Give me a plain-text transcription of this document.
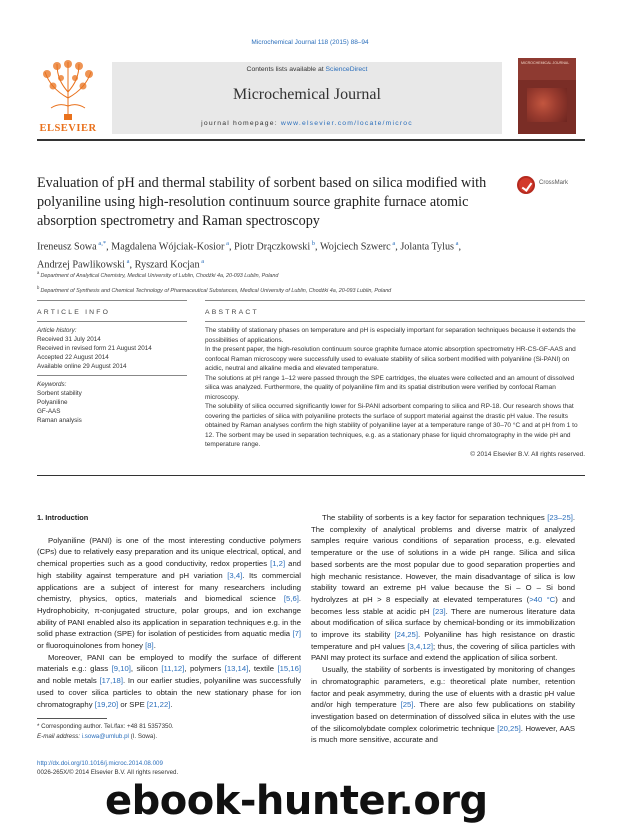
Microchemical Journal 118 (2015) 88–94
ELSEVIER
Contents lists available at ScienceDirect
Microchemical Journal
journal homepage: www.elsevier.com/locate/microc
MICROCHEMICAL JOURNAL
Evaluation of pH and thermal stability of sorbent based on silica modified with polyaniline using high-resolution continuum source graphite furnace atomic absorption spectrometry and Raman spectroscopy
CrossMark
Ireneusz Sowa $^{a,*}$, Magdalena Wójciak-Kosior $^a$, Piotr Drączkowski $^b$, Wojciech Szwerc $^a$, Jolanta Tylus $^a$,
Andrzej Pawlikowski $^a$, Ryszard Kocjan $^a$
$^a$ Department of Analytical Chemistry, Medical University of Lublin, Chodźki 4a, 20-093 Lublin, Poland
$^b$ Department of Synthesis and Chemical Technology of Pharmaceutical Substances, Medical University of Lublin, Chodźki 4a, 20-093 Lublin, Poland
ARTICLE INFO	ABSTRACT
Article history:
Received 31 July 2014
Received in revised form 21 August 2014
Accepted 22 August 2014
Available online 29 August 2014
Keywords:
Sorbent stability
Polyaniline
GF-AAS
Raman analysis

The stability of stationary phases on temperature and pH is especially important for separation techniques because it extends the possibilities of applications.

In the present paper, the high-resolution continuum source graphite furnace atomic absorption spectrometry HR-CS-GF-AAS and confocal Raman microscopy were successfully used to evaluate stability of silica sorbent modified with polyaniline (Si-PANI) on acidic, neutral and alkaline media and elevated temperature.

The solutions at pH range 1–12 were passed through the SPE cartridges, the eluates were collected and an amount of dissolved silica was analyzed. Furthermore, the quality of polyaniline film and its spatial distribution were verified by confocal Raman microscopy.

The solubility of silica occurred significantly lower for Si-PANI adsorbent comparing to silica and RP-18. Our research shows that covering the particles of silica with polyaniline protects the surface of support material against the drastic pH value. The results obtained by Raman analyses confirm the high stability of polyaniline layer at a temperature range of 30–70 °C and at pH from 1 to 12. The sorbent may be used in separation techniques, e.g. as a stationary phase for liquid chromatography in the wide pH and temperature range.

© 2014 Elsevier B.V. All rights reserved.

1. Introduction

Polyaniline (PANI) is one of the most interesting conductive polymers (CPs) due to relatively easy preparation and its unique electrical, optical, and chemical properties such as a good conductivity, redox properties [1,2] and high stability against temperature and pH variation [3,4]. Its commercial applications are a subject of interest for many researchers including chemistry, physics, optics, materials and biomedical science [5,6]. Hydrophobicity, π-conjugated structure, polar groups, and ion exchange ability of PANI enabled also its application in separation techniques e.g. in the solid phase extraction (SPE) for isolation of pesticides from aquatic media [7] or fluoroquinolones from honey [8].

Moreover, PANI can be employed to modify the surface of different materials e.g.: glass [9,10], silicon [11,12], polymers [13,14], textile [15,16] and noble metals [17,18]. In our earlier studies, polyaniline was successfully used to cover silica particles to obtain the new stationary phase for ion chromatography [19,20] or SPE [21,22].

The stability of sorbents is a key factor for separation techniques [23–25]. The complexity of analytical problems and diverse matrix of analyzed samples require various conditions of separation process, e.g. elevated temperature or the use of solutions in a wide pH range. Silica and silica based sorbents are the most popular due to good separation properties and high mechanic resistance. However, the main disadvantage of silica is low stability toward an extreme pH value because the Si – O – Si bond hydrolyzes at pH > 8 especially at elevated temperatures (>40 °C) and becomes less stable at acidic pH [23]. There are numerous literature data about modification of silica surface by chemical-bonding or its immobilization to improve its stability [24,25]. Polyaniline has high resistance on drastic temperature and pH values [3,4,12]; thus, the covering of silica particles with PANI may protect its surface and extend the application of silica sorbent.

Usually, the stability of sorbents is investigated by monitoring of changes in chromatographic parameters, e.g.: theoretical plate number, retention factor and peak asymmetry, during the use of eluents with a drastic pH value and/or high temperature [25]. There are also few publications on stability investigation based on determination of dissolved silica in elutes with the use of the silicomolybdate complex colorimetric technique [20,25]. However, AAS is much more sensitive, accurate and

* Corresponding author. Tel./fax: +48 81 5357350.
E-mail address: i.sowa@umlub.pl (I. Sowa).
http://dx.doi.org/10.1016/j.microc.2014.08.009
0026-265X/© 2014 Elsevier B.V. All rights reserved.
ebook-hunter.org
